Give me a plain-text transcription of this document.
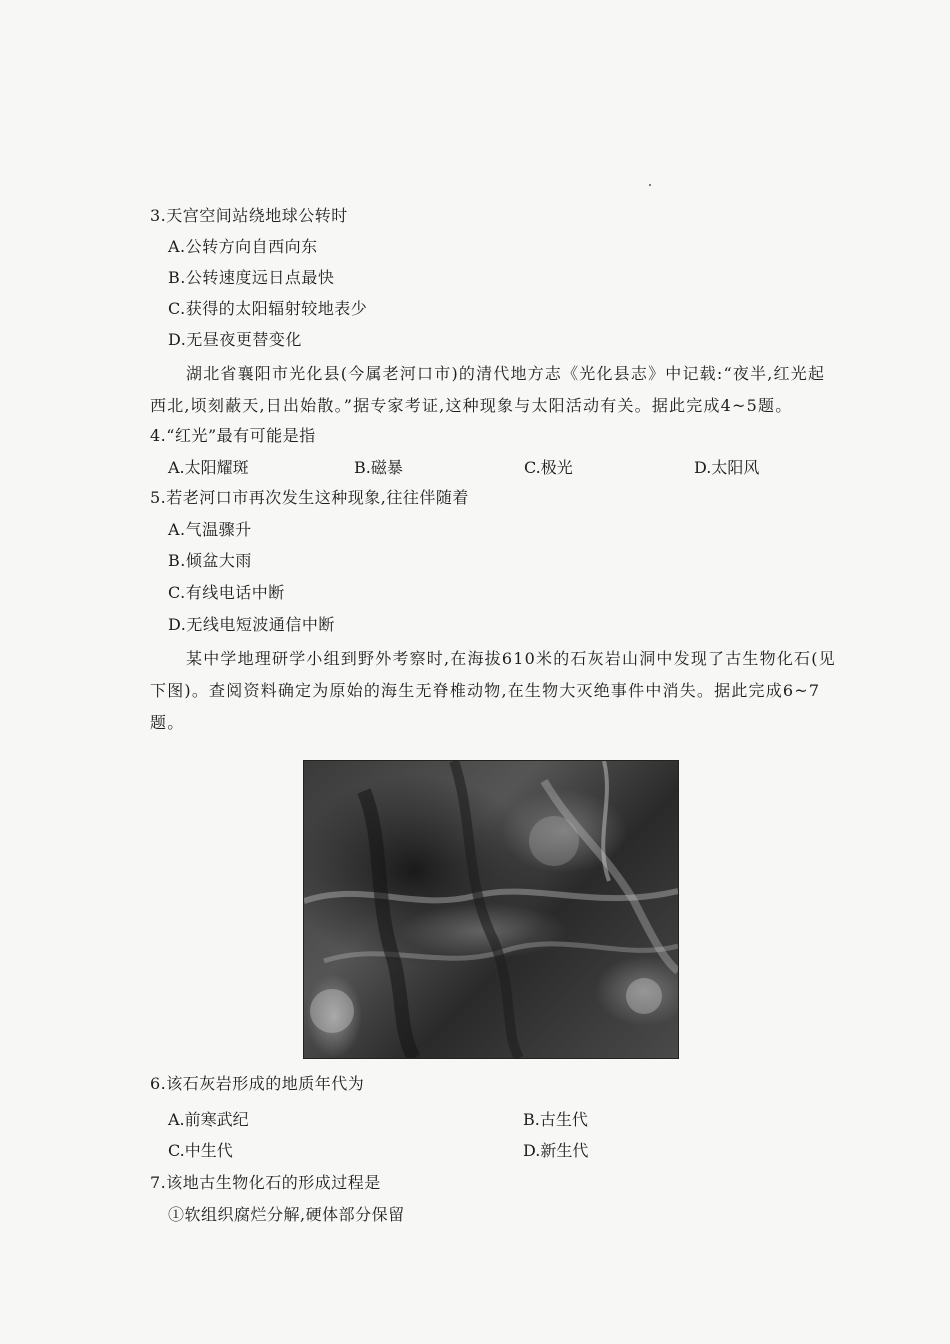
3.天宫空间站绕地球公转时
A.公转方向自西向东
B.公转速度远日点最快
C.获得的太阳辐射较地表少
D.无昼夜更替变化
湖北省襄阳市光化县(今属老河口市)的清代地方志《光化县志》中记载:“夜半,红光起西北,顷刻蔽天,日出始散。”据专家考证,这种现象与太阳活动有关。据此完成4~5题。
4.“红光”最有可能是指
A.太阳耀斑	B.磁暴	C.极光	D.太阳风
5.若老河口市再次发生这种现象,往往伴随着
A.气温骤升
B.倾盆大雨
C.有线电话中断
D.无线电短波通信中断
某中学地理研学小组到野外考察时,在海拔610米的石灰岩山洞中发现了古生物化石(见下图)。查阅资料确定为原始的海生无脊椎动物,在生物大灭绝事件中消失。据此完成6~7题。
6.该石灰岩形成的地质年代为
A.前寒武纪	B.古生代
C.中生代	D.新生代
7.该地古生物化石的形成过程是
①软组织腐烂分解,硬体部分保留
